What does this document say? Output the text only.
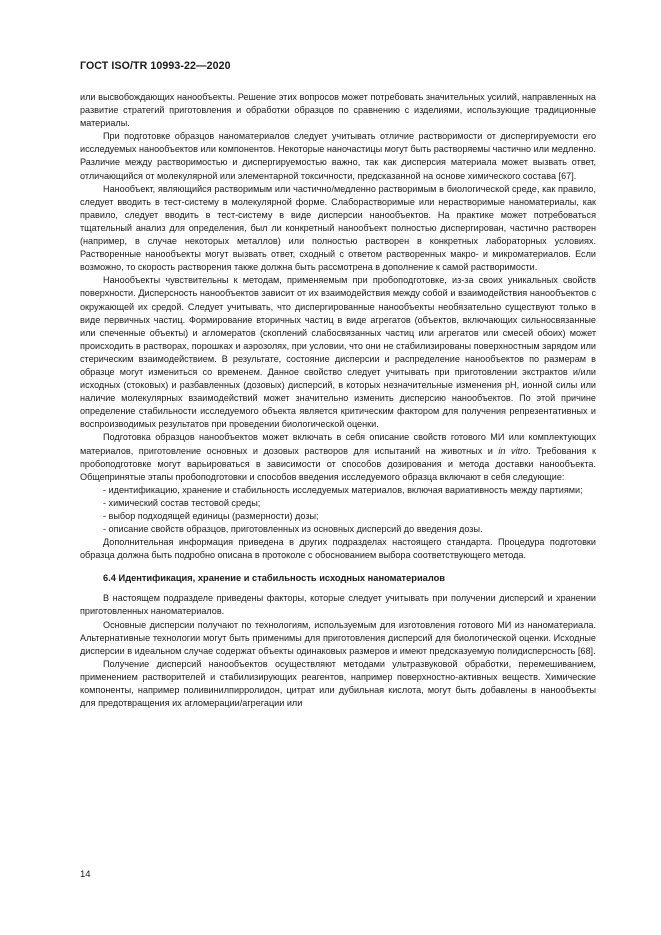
ГОСТ ISO/TR 10993-22—2020

или высвобождающих нанообъекты. Решение этих вопросов может потребовать значительных усилий, направленных на развитие стратегий приготовления и обработки образцов по сравнению с изделиями, использующие традиционные материалы.

При подготовке образцов наноматериалов следует учитывать отличие растворимости от диспергируемости его исследуемых нанообъектов или компонентов. Некоторые наночастицы могут быть растворяемы частично или медленно. Различие между растворимостью и диспергируемостью важно, так как дисперсия материала может вызвать ответ, отличающийся от молекулярной или элементарной токсичности, предсказанной на основе химического состава [67].

Нанообъект, являющийся растворимым или частично/медленно растворимым в биологической среде, как правило, следует вводить в тест-систему в молекулярной форме. Слаборастворимые или нерастворимые наноматериалы, как правило, следует вводить в тест-систему в виде дисперсии нанообъектов. На практике может потребоваться тщательный анализ для определения, был ли конкретный нанообъект полностью диспергирован, частично растворен (например, в случае некоторых металлов) или полностью растворен в конкретных лабораторных условиях. Растворенные нанообъекты могут вызвать ответ, сходный с ответом растворенных макро- и микроматериалов. Если возможно, то скорость растворения также должна быть рассмотрена в дополнение к самой растворимости.

Нанообъекты чувствительны к методам, применяемым при пробоподготовке, из-за своих уникальных свойств поверхности. Дисперсность нанообъектов зависит от их взаимодействия между собой и взаимодействия нанообъектов с окружающей их средой. Следует учитывать, что диспергированные нанообъекты необязательно существуют только в виде первичных частиц. Формирование вторичных частиц в виде агрегатов (объектов, включающих сильносвязанные или спеченные объекты) и агломератов (скоплений слабосвязанных частиц или агрегатов или смесей обоих) может происходить в растворах, порошках и аэрозолях, при условии, что они не стабилизированы поверхностным зарядом или стерическим взаимодействием. В результате, состояние дисперсии и распределение нанообъектов по размерам в образце могут измениться со временем. Данное свойство следует учитывать при приготовлении экстрактов и/или исходных (стоковых) и разбавленных (дозовых) дисперсий, в которых незначительные изменения рН, ионной силы или наличие молекулярных взаимодействий может значительно изменить дисперсию нанообъектов. По этой причине определение стабильности исследуемого объекта является критическим фактором для получения репрезентативных и воспроизводимых результатов при проведении биологической оценки.

Подготовка образцов нанообъектов может включать в себя описание свойств готового МИ или комплектующих материалов, приготовление основных и дозовых растворов для испытаний на животных и in vitro. Требования к пробоподготовке могут варьироваться в зависимости от способов дозирования и метода доставки нанообъекта. Общепринятые этапы пробоподготовки и способов введения исследуемого образца включают в себя следующие:

- идентификацию, хранение и стабильность исследуемых материалов, включая вариативность между партиями;

- химический состав тестовой среды;

- выбор подходящей единицы (размерности) дозы;

- описание свойств образцов, приготовленных из основных дисперсий до введения дозы.

Дополнительная информация приведена в других подразделах настоящего стандарта. Процедура подготовки образца должна быть подробно описана в протоколе с обоснованием выбора соответствующего метода.

6.4 Идентификация, хранение и стабильность исходных наноматериалов

В настоящем подразделе приведены факторы, которые следует учитывать при получении дисперсий и хранении приготовленных наноматериалов.

Основные дисперсии получают по технологиям, используемым для изготовления готового МИ из наноматериала. Альтернативные технологии могут быть применимы для приготовления дисперсий для биологической оценки. Исходные дисперсии в идеальном случае содержат объекты одинаковых размеров и имеют предсказуемую полидисперсность [68].

Получение дисперсий нанообъектов осуществляют методами ультразвуковой обработки, перемешиванием, применением растворителей и стабилизирующих реагентов, например поверхностно-активных веществ. Химические компоненты, например поливинилпирролидон, цитрат или дубильная кислота, могут быть добавлены в нанообъекты для предотвращения их агломерации/агрегации или

14
